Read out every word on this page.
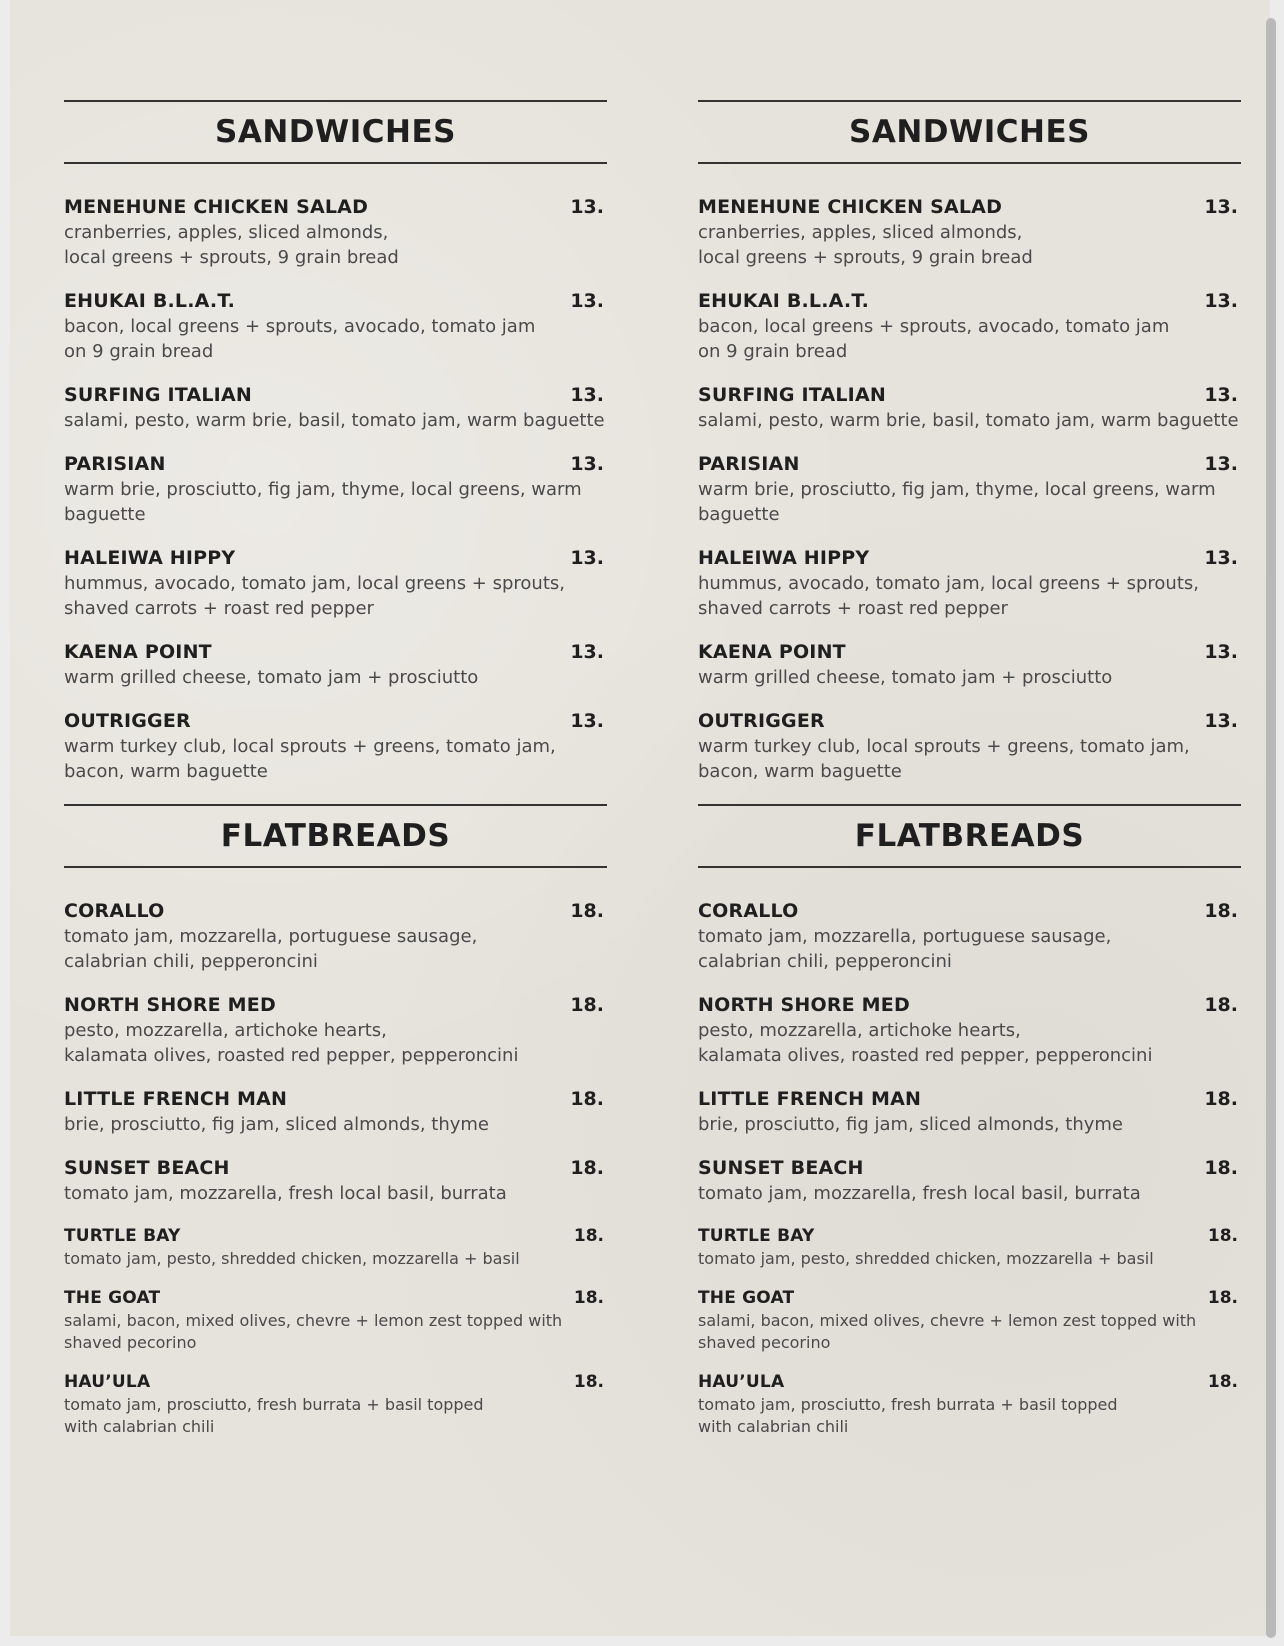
SANDWICHES
MENEHUNE CHICKEN SALAD	13.
cranberries, apples, sliced almonds,
local greens + sprouts, 9 grain bread
EHUKAI B.L.A.T.	13.
bacon, local greens + sprouts, avocado, tomato jam
on 9 grain bread
SURFING ITALIAN	13.
salami, pesto, warm brie, basil, tomato jam, warm baguette
PARISIAN	13.
warm brie, prosciutto, fig jam, thyme, local greens, warm
baguette
HALEIWA HIPPY	13.
hummus, avocado, tomato jam, local greens + sprouts,
shaved carrots + roast red pepper
KAENA POINT	13.
warm grilled cheese, tomato jam + prosciutto
OUTRIGGER	13.
warm turkey club, local sprouts + greens, tomato jam,
bacon, warm baguette
FLATBREADS
CORALLO	18.
tomato jam, mozzarella, portuguese sausage,
calabrian chili, pepperoncini
NORTH SHORE MED	18.
pesto, mozzarella, artichoke hearts,
kalamata olives, roasted red pepper, pepperoncini
LITTLE FRENCH MAN	18.
brie, prosciutto, fig jam, sliced almonds, thyme
SUNSET BEACH	18.
tomato jam, mozzarella, fresh local basil, burrata
TURTLE BAY	18.
tomato jam, pesto, shredded chicken, mozzarella + basil
THE GOAT	18.
salami, bacon, mixed olives, chevre + lemon zest topped with
shaved pecorino
HAU’ULA	18.
tomato jam, prosciutto, fresh burrata + basil topped
with calabrian chili
SANDWICHES
MENEHUNE CHICKEN SALAD	13.
cranberries, apples, sliced almonds,
local greens + sprouts, 9 grain bread
EHUKAI B.L.A.T.	13.
bacon, local greens + sprouts, avocado, tomato jam
on 9 grain bread
SURFING ITALIAN	13.
salami, pesto, warm brie, basil, tomato jam, warm baguette
PARISIAN	13.
warm brie, prosciutto, fig jam, thyme, local greens, warm
baguette
HALEIWA HIPPY	13.
hummus, avocado, tomato jam, local greens + sprouts,
shaved carrots + roast red pepper
KAENA POINT	13.
warm grilled cheese, tomato jam + prosciutto
OUTRIGGER	13.
warm turkey club, local sprouts + greens, tomato jam,
bacon, warm baguette
FLATBREADS
CORALLO	18.
tomato jam, mozzarella, portuguese sausage,
calabrian chili, pepperoncini
NORTH SHORE MED	18.
pesto, mozzarella, artichoke hearts,
kalamata olives, roasted red pepper, pepperoncini
LITTLE FRENCH MAN	18.
brie, prosciutto, fig jam, sliced almonds, thyme
SUNSET BEACH	18.
tomato jam, mozzarella, fresh local basil, burrata
TURTLE BAY	18.
tomato jam, pesto, shredded chicken, mozzarella + basil
THE GOAT	18.
salami, bacon, mixed olives, chevre + lemon zest topped with
shaved pecorino
HAU’ULA	18.
tomato jam, prosciutto, fresh burrata + basil topped
with calabrian chili
